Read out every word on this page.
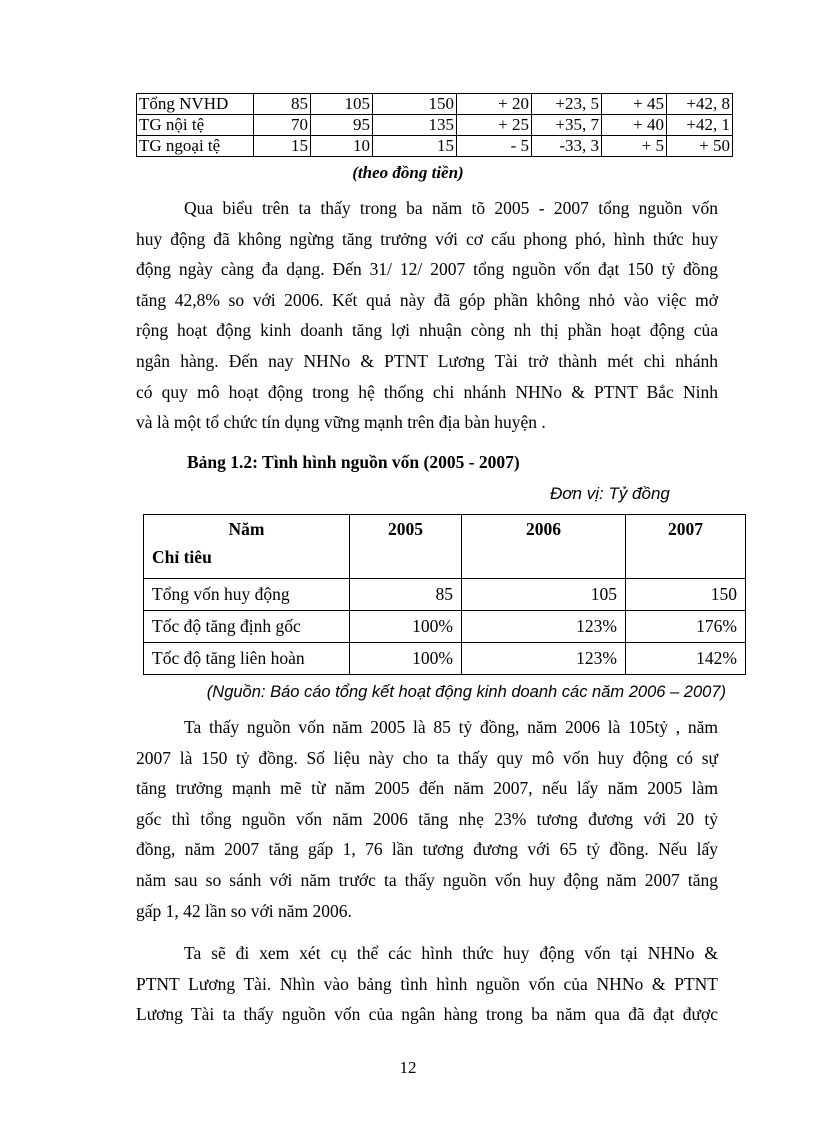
Tổng NVHD	85	105	150	+ 20	+23, 5	+ 45	+42, 8
TG nội tệ	70	95	135	+ 25	+35, 7	+ 40	+42, 1
TG ngoại tệ	15	10	15	- 5	-33, 3	+ 5	+ 50
(theo đồng tiền)
Qua biểu trên ta thấy trong ba năm tõ 2005 - 2007 tổng nguồn vốn
huy động đã không ngừng tăng trưởng với cơ cấu phong phó, hình thức huy
động ngày càng đa dạng. Đến 31/ 12/ 2007 tổng nguồn vốn đạt 150 tỷ đồng
tăng 42,8% so với 2006. Kết quả này đã góp phần không nhỏ vào việc mở
rộng hoạt động kinh doanh tăng lợi nhuận còng nh thị phần hoạt động của
ngân hàng. Đến nay NHNo & PTNT Lương Tài trở thành mét chi nhánh
có quy mô hoạt động trong hệ thống chi nhánh NHNo & PTNT Bắc Ninh
và là một tổ chức tín dụng vững mạnh trên địa bàn huyện .
Bảng 1.2: Tình hình nguồn vốn (2005 - 2007)
Đơn vị: Tỷ đồng
Năm	2005	2006	2007
Chỉ tiêu			
Tổng vốn huy động	85	105	150
Tốc độ tăng định gốc	100%	123%	176%
Tốc độ tăng liên hoàn	100%	123%	142%
(Nguồn: Báo cáo tổng kết hoạt động kinh doanh các năm 2006 – 2007)
Ta thấy nguồn vốn năm 2005 là 85 tỷ đồng, năm 2006 là 105tỷ , năm
2007 là 150 tỷ đồng. Số liệu này cho ta thấy quy mô vốn huy động có sự
tăng trưởng mạnh mẽ từ năm 2005 đến năm 2007, nếu lấy năm 2005 làm
gốc thì tổng nguồn vốn năm 2006 tăng nhẹ 23% tương đương với 20 tỷ
đồng, năm 2007 tăng gấp 1, 76 lần tương đương với 65 tỷ đồng. Nếu lấy
năm sau so sánh với năm trước ta thấy nguồn vốn huy động năm 2007 tăng
gấp 1, 42 lần so với năm 2006.
Ta sẽ đi xem xét cụ thể các hình thức huy động vốn tại NHNo &
PTNT Lương Tài. Nhìn vào bảng tình hình nguồn vốn của NHNo & PTNT
Lương Tài ta thấy nguồn vốn của ngân hàng trong ba năm qua đã đạt được
12
